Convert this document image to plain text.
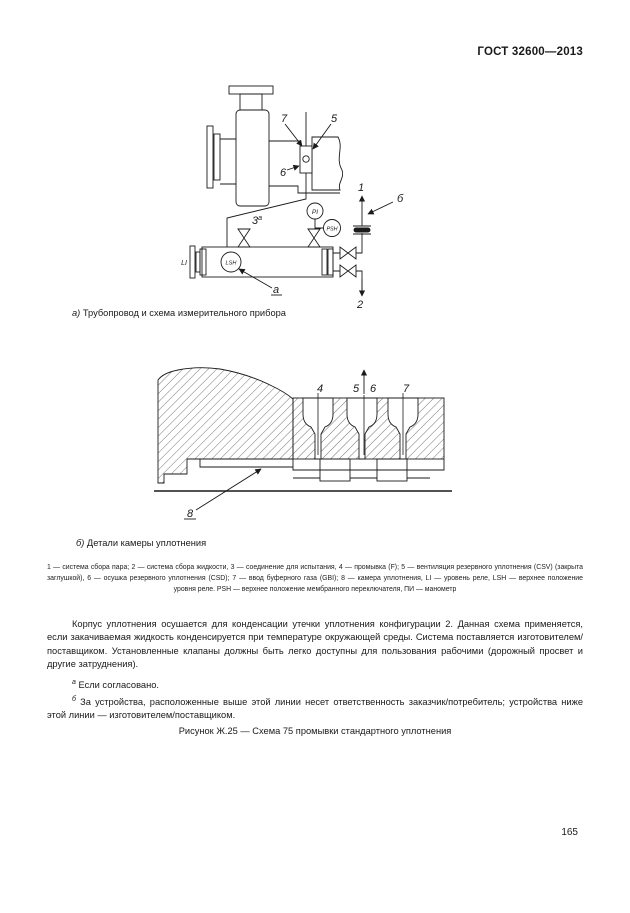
ГОСТ 32600—2013
7	5
6
1
б
2
$3^а$
PI
PSH
LI	LSH
а
а) Трубопровод и схема измерительного прибора
4	5 6 7
8
б) Детали камеры уплотнения
1 — система сбора пара; 2 — система сбора жидкости, 3 — соединение для испытания, 4 — промывка (F); 5 — вентиляция резервного уплотнения (CSV) (закрыта заглушкой), 6 — осушка резервного уплотнения (CSD); 7 — ввод буферного газа (GBI); 8 — камера уплотнения, LI — уровень реле, LSH — верхнее положение уровня реле. PSH — верхнее положение мембранного переключателя, ПИ — манометр
Корпус уплотнения осушается для конденсации утечки уплотнения конфигурации 2. Данная схема применяется, если закачиваемая жидкость конденсируется при температуре окружающей среды. Система поставляется изготовителем/поставщиком. Установленные клапаны должны быть легко доступны для пользования рабочими (дорожный просвет и другие затруднения).

$^а$ Если согласовано.

$^б$ За устройства, расположенные выше этой линии несет ответственность заказчик/потребитель; устройства ниже этой линии — изготовителем/поставщиком.

Рисунок Ж.25 — Схема 75 промывки стандартного уплотнения
165
